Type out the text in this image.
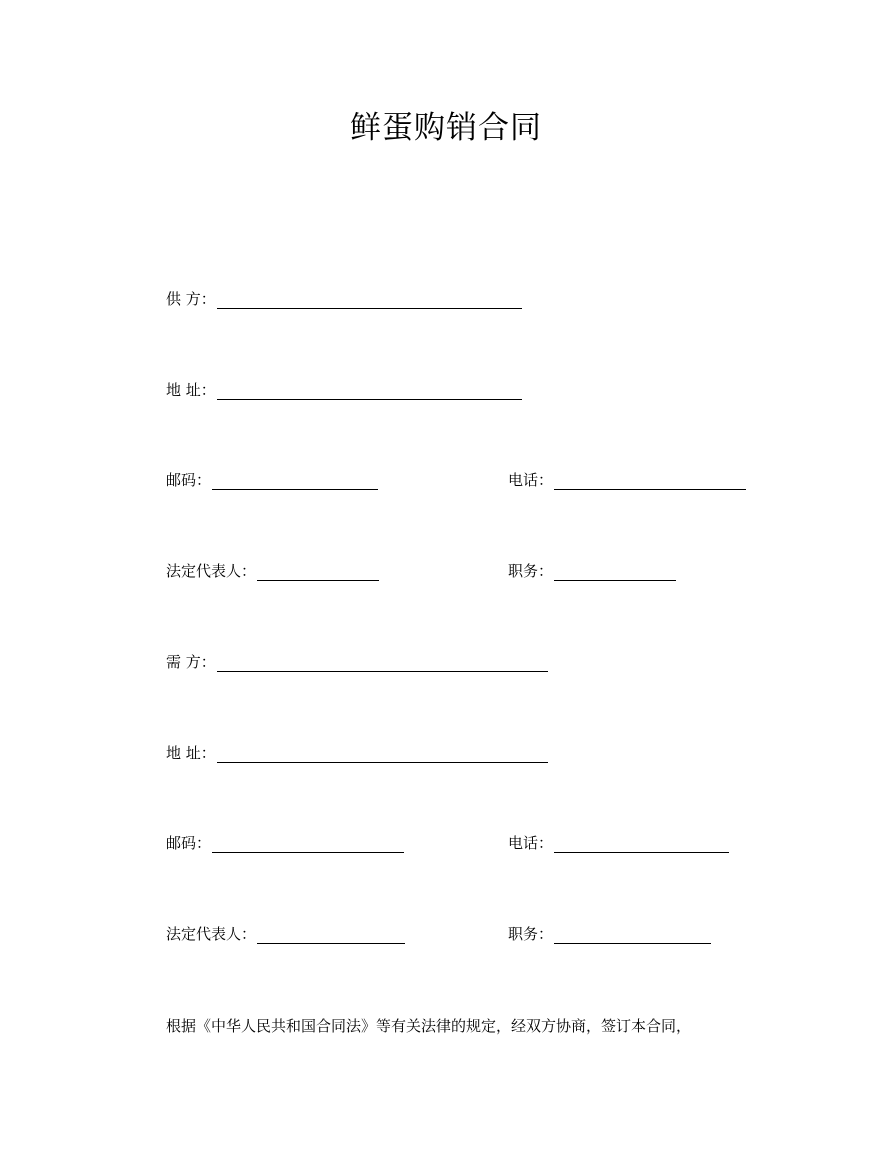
鲜蛋购销合同
供 方：
地 址：
邮码：	电话：
法定代表人：	职务：
需 方：
地 址：
邮码：	电话：
法定代表人：	职务：
根据《中华人民共和国合同法》等有关法律的规定，经双方协商，签订本合同，
